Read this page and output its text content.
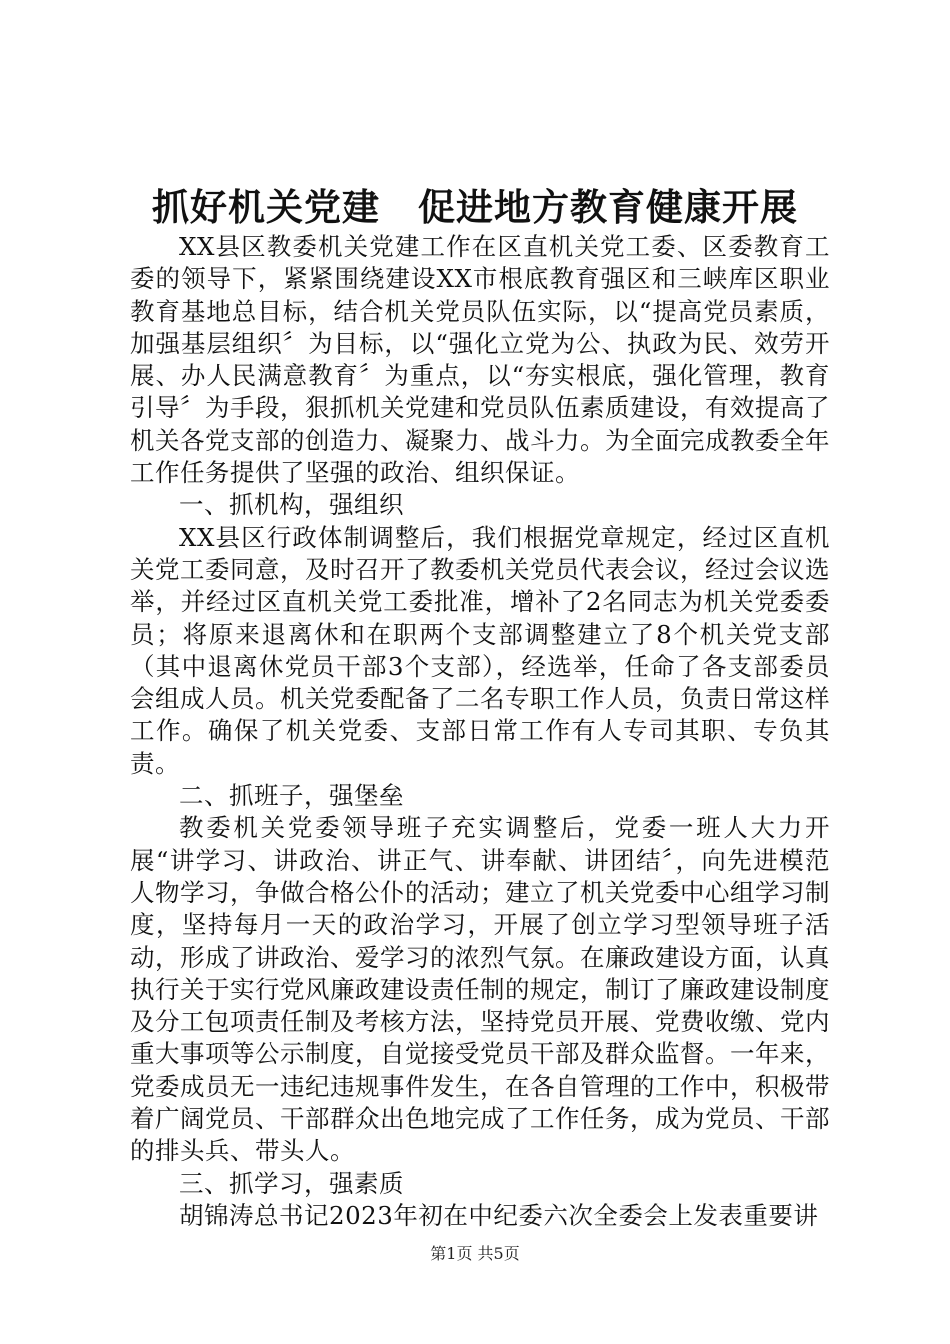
抓好机关党建　促进地方教育健康开展

XX县区教委机关党建工作在区直机关党工委、区委教育工委的领导下，紧紧围绕建设XX市根底教育强区和三峡库区职业教育基地总目标，结合机关党员队伍实际，以“提高党员素质，加强基层组织〞为目标，以“强化立党为公、执政为民、效劳开展、办人民满意教育〞为重点，以“夯实根底，强化管理，教育引导〞为手段，狠抓机关党建和党员队伍素质建设，有效提高了机关各党支部的创造力、凝聚力、战斗力。为全面完成教委全年工作任务提供了坚强的政治、组织保证。

一、抓机构，强组织

XX县区行政体制调整后，我们根据党章规定，经过区直机关党工委同意，及时召开了教委机关党员代表会议，经过会议选举，并经过区直机关党工委批准，增补了2名同志为机关党委委员；将原来退离休和在职两个支部调整建立了8个机关党支部（其中退离休党员干部3个支部），经选举，任命了各支部委员会组成人员。机关党委配备了二名专职工作人员，负责日常这样工作。确保了机关党委、支部日常工作有人专司其职、专负其责。

二、抓班子，强堡垒

教委机关党委领导班子充实调整后，党委一班人大力开展“讲学习、讲政治、讲正气、讲奉献、讲团结〞，向先进模范人物学习，争做合格公仆的活动；建立了机关党委中心组学习制度，坚持每月一天的政治学习，开展了创立学习型领导班子活动，形成了讲政治、爱学习的浓烈气氛。在廉政建设方面，认真执行关于实行党风廉政建设责任制的规定，制订了廉政建设制度及分工包项责任制及考核方法，坚持党员开展、党费收缴、党内重大事项等公示制度，自觉接受党员干部及群众监督。一年来，党委成员无一违纪违规事件发生，在各自管理的工作中，积极带着广阔党员、干部群众出色地完成了工作任务，成为党员、干部的排头兵、带头人。

三、抓学习，强素质

胡锦涛总书记2023年初在中纪委六次全委会上发表重要讲

第1页 共5页
